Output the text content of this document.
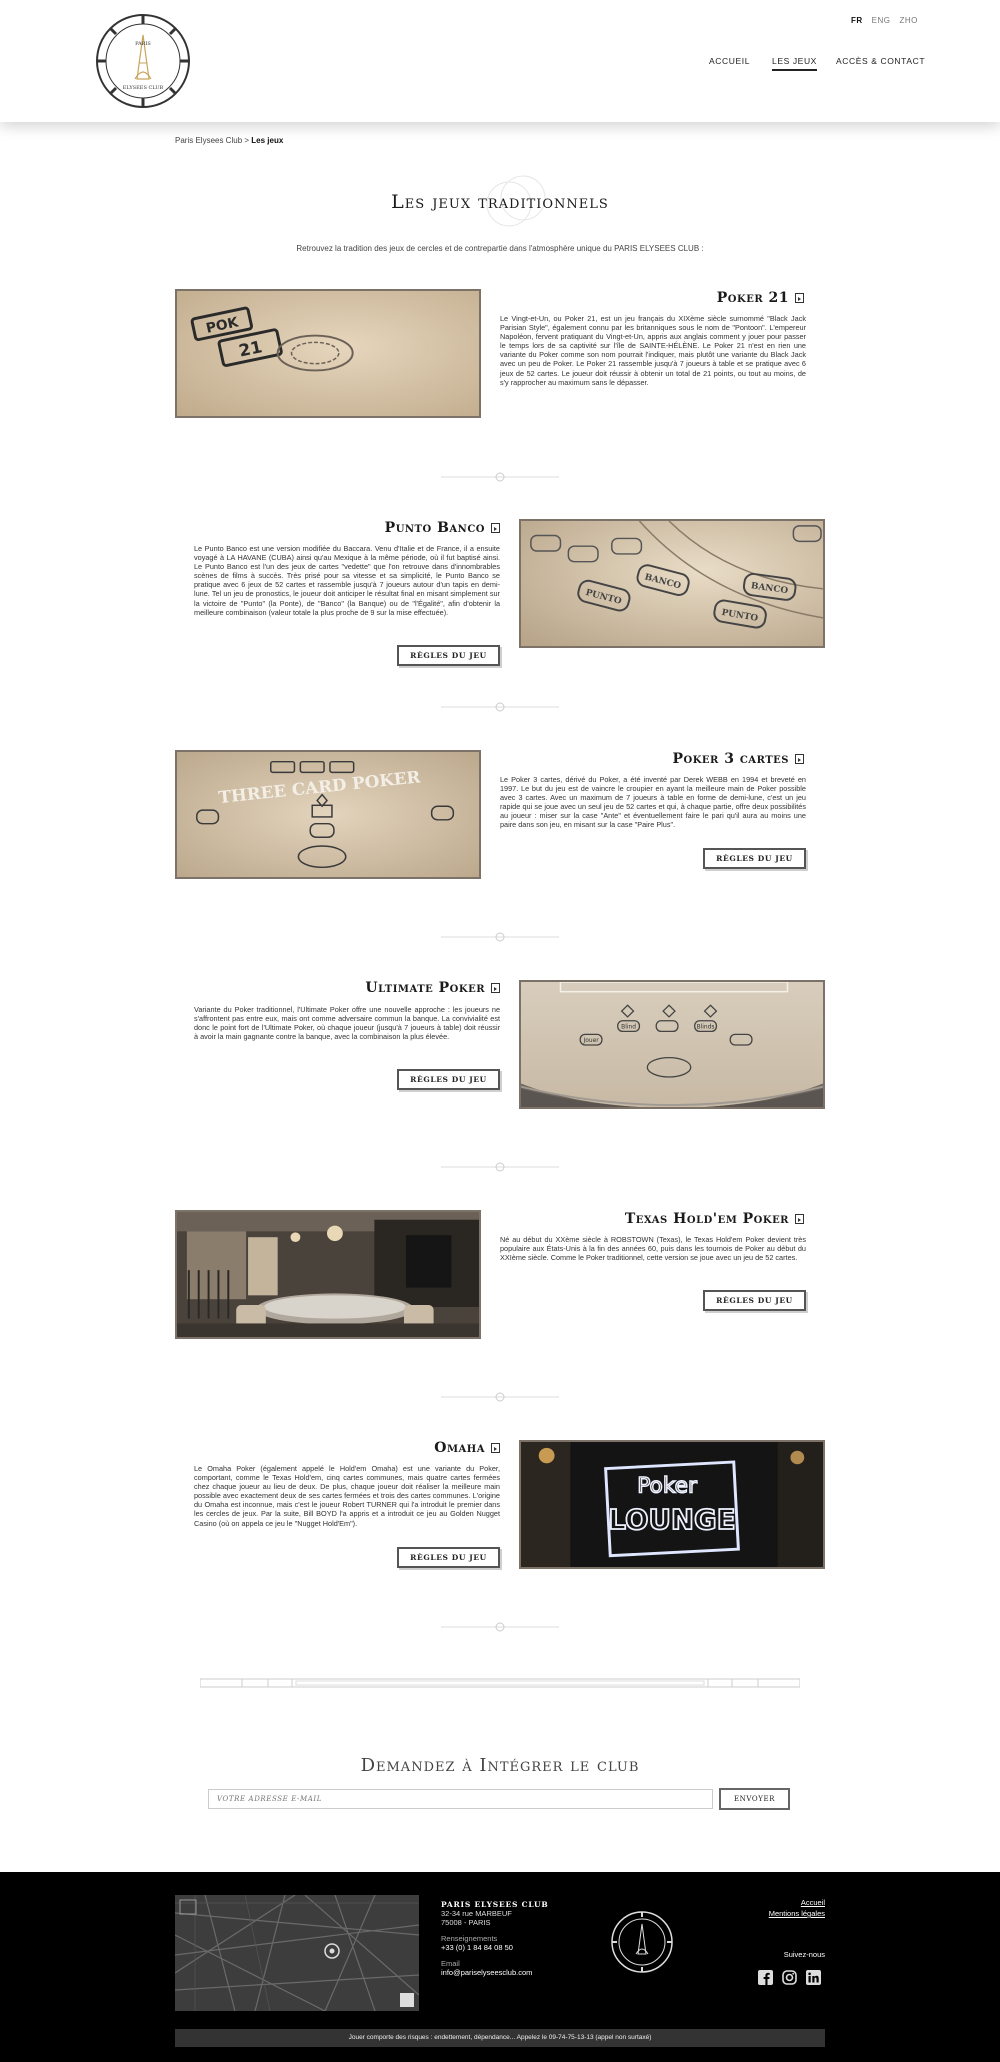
PARIS
ELYSEES CLUB
FR ENG ZHO
ACCUEIL	LES JEUX ACCÈS & CONTACT
Paris Elysees Club > Les jeux
Les jeux traditionnels
Retrouvez la tradition des jeux de cercles et de contrepartie dans l'atmosphère unique du PARIS ELYSEES CLUB :
POK
21
Poker 21
Le Vingt-et-Un, ou Poker 21, est un jeu français du XIXème siècle surnommé "Black Jack Parisian Style", également connu par les britanniques sous le nom de "Pontoon". L'empereur Napoléon, fervent pratiquant du Vingt-et-Un, appris aux anglais comment y jouer pour passer le temps lors de sa captivité sur l'île de SAINTE-HÉLÈNE. Le Poker 21 n'est en rien une variante du Poker comme son nom pourrait l'indiquer, mais plutôt une variante du Black Jack avec un peu de Poker. Le Poker 21 rassemble jusqu'à 7 joueurs à table et se pratique avec 6 jeux de 52 cartes. Le joueur doit réussir à obtenir un total de 21 points, ou tout au moins, de s'y rapprocher au maximum sans le dépasser.
Punto Banco
Le Punto Banco est une version modifiée du Baccara. Venu d'Italie et de France, il a ensuite voyagé à LA HAVANE (CUBA) ainsi qu'au Mexique à la même période, où il fut baptisé ainsi. Le Punto Banco est l'un des jeux de cartes "vedette" que l'on retrouve dans d'innombrables scènes de films à succès. Très prisé pour sa vitesse et sa simplicité, le Punto Banco se pratique avec 6 jeux de 52 cartes et rassemble jusqu'à 7 joueurs autour d'un tapis en demi-lune. Tel un jeu de pronostics, le joueur doit anticiper le résultat final en misant simplement sur la victoire de "Punto" (la Ponte), de "Banco" (la Banque) ou de "l'Égalité", afin d'obtenir la meilleure combinaison (valeur totale la plus proche de 9 sur la mise effectuée).
RÈGLES DU JEU
PUNTO
BANCO
PUNTO
BANCO
THREE CARD POKER
Poker 3 cartes
Le Poker 3 cartes, dérivé du Poker, a été inventé par Derek WEBB en 1994 et breveté en 1997. Le but du jeu est de vaincre le croupier en ayant la meilleure main de Poker possible avec 3 cartes. Avec un maximum de 7 joueurs à table en forme de demi-lune, c'est un jeu rapide qui se joue avec un seul jeu de 52 cartes et qui, à chaque partie, offre deux possibilités au joueur : miser sur la case "Ante" et éventuellement faire le pari qu'il aura au moins une paire dans son jeu, en misant sur la case "Paire Plus".
RÈGLES DU JEU
Ultimate Poker
Variante du Poker traditionnel, l'Ultimate Poker offre une nouvelle approche : les joueurs ne s'affrontent pas entre eux, mais ont comme adversaire commun la banque. La convivialité est donc le point fort de l'Ultimate Poker, où chaque joueur (jusqu'à 7 joueurs à table) doit réussir à avoir la main gagnante contre la banque, avec la combinaison la plus élevée.
RÈGLES DU JEU
Blind	Blinds
Jouer
Texas Hold'em Poker
Né au début du XXème siècle à ROBSTOWN (Texas), le Texas Hold'em Poker devient très populaire aux États-Unis à la fin des années 60, puis dans les tournois de Poker au début du XXIème siècle. Comme le Poker traditionnel, cette version se joue avec un jeu de 52 cartes.
RÈGLES DU JEU
Omaha
Le Omaha Poker (également appelé le Hold'em Omaha) est une variante du Poker, comportant, comme le Texas Hold'em, cinq cartes communes, mais quatre cartes fermées chez chaque joueur au lieu de deux. De plus, chaque joueur doit réaliser la meilleure main possible avec exactement deux de ses cartes fermées et trois des cartes communes. L'origine du Omaha est inconnue, mais c'est le joueur Robert TURNER qui l'a introduit le premier dans les cercles de jeux. Par la suite, Bill BOYD l'a appris et a introduit ce jeu au Golden Nugget Casino (où on appela ce jeu le "Nugget Hold'Em").
RÈGLES DU JEU
Poker
LOUNGE
Demandez à Intégrer le club
VOTRE ADRESSE E-MAIL
ENVOYER
PARIS ELYSEES CLUB
32-34 rue MARBEUF
75008 - PARIS
Renseignements
+33 (0) 1 84 84 08 50
Email
info@pariselyseesclub.com
Accueil
Mentions légales
Suivez-nous
Jouer comporte des risques : endettement, dépendance... Appelez le 09-74-75-13-13 (appel non surtaxé)
